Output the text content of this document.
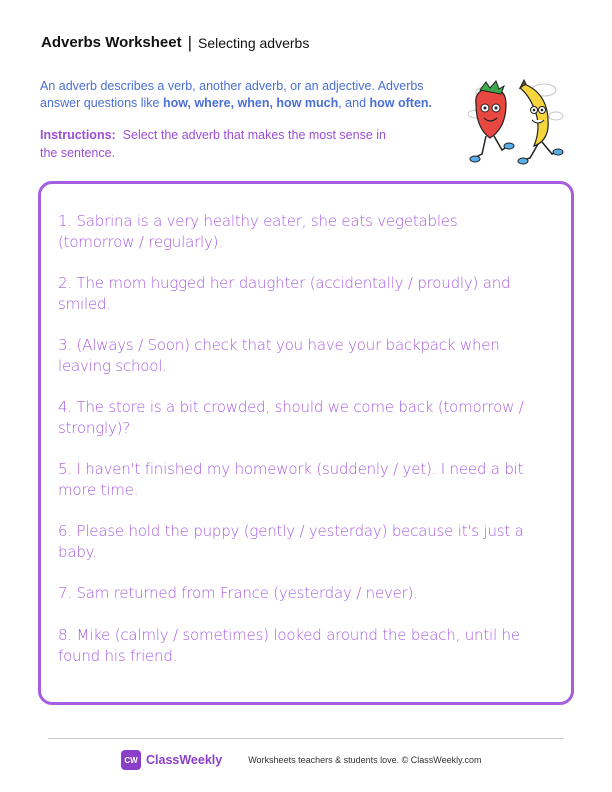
Adverbs Worksheet | Selecting adverbs
An adverb describes a verb, another adverb, or an adjective. Adverbs answer questions like how, where, when, how much, and how often.
Instructions: Select the adverb that makes the most sense in the sentence.
1. Sabrina is a very healthy eater, she eats vegetables (tomorrow / regularly).
2. The mom hugged her daughter (accidentally / proudly) and smiled.
3. (Always / Soon) check that you have your backpack when leaving school.
4. The store is a bit crowded, should we come back (tomorrow / strongly)?
5. I haven't finished my homework (suddenly / yet). I need a bit more time.
6. Please hold the puppy (gently / yesterday) because it's just a baby.
7. Sam returned from France (yesterday / never).
8. Mike (calmly / sometimes) looked around the beach, until he found his friend.
CW ClassWeekly	Worksheets teachers & students love. © ClassWeekly.com
